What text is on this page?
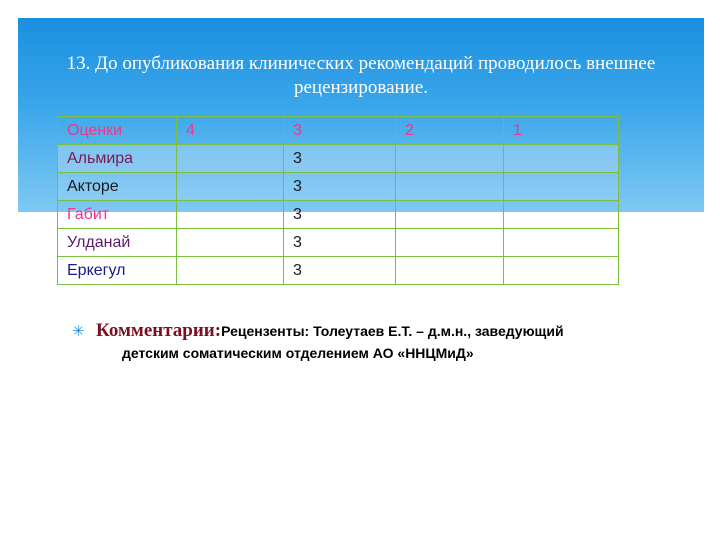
13. До опубликования клинических рекомендаций проводилось внешнее
рецензирование.
Оценки	4	3	2	1
Альмира		3		
Акторе		3		
Габит		3		
Улданай		3		
Еркегул		3		
✳ Комментарии:Рецензенты: Толеутаев Е.Т. – д.м.н., заведующий
детским соматическим отделением АО «ННЦМиД»
